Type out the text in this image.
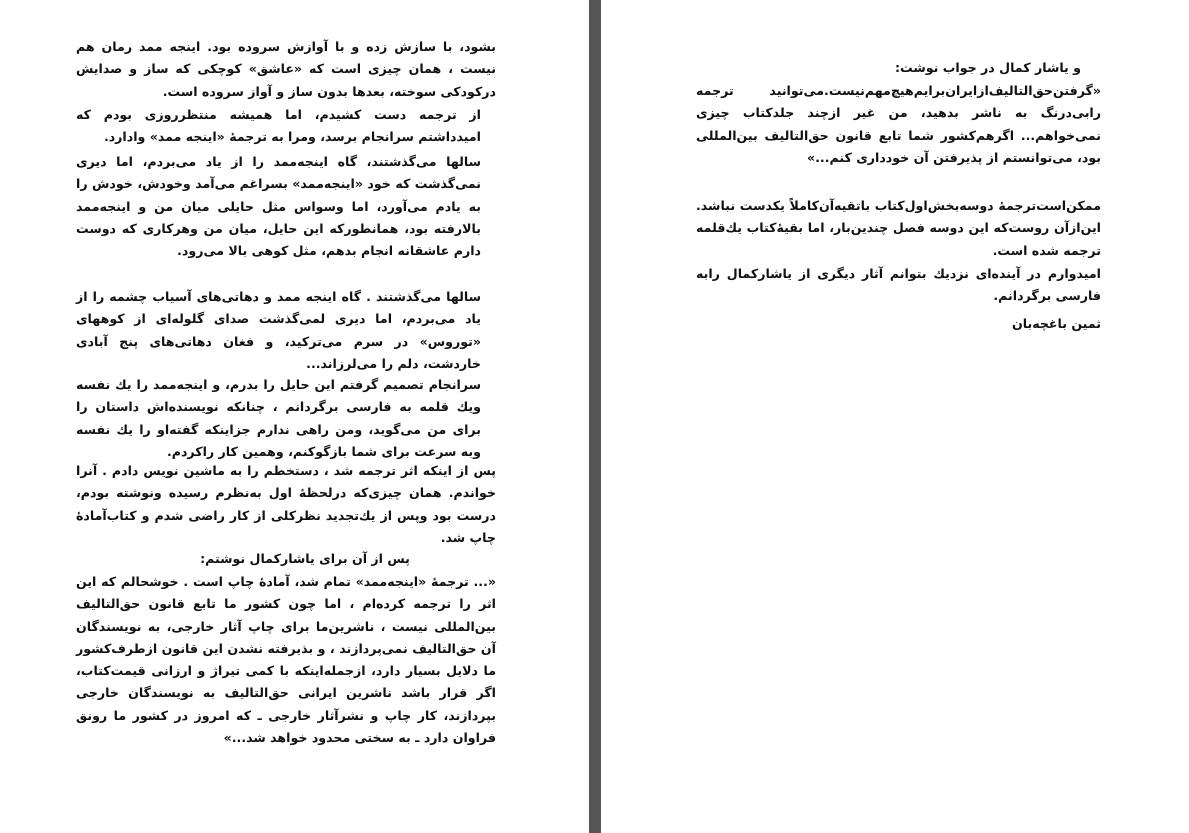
بشود، با سازش زده و با آوازش سروده بود. اینجه ممد رمان هم نیست ، همان چیزی است که «عاشق» کوچکی که ساز و صدایش درکودکی سوخته، بعدها بدون ساز و آواز سروده است.
از ترجمه دست کشیدم، اما همیشه منتظرروزی بودم که امیدداشتم سرانجام برسد، ومرا به ترجمهٔ «اینجه ممد» وادارد.
سالها می‌گذشتند، گاه اینجه‌ممد را از یاد می‌بردم، اما دیری نمی‌گذشت که خود «اینجه‌ممد» بسراغم می‌آمد وخودش، خودش را به یادم می‌آورد، اما وسواس مثل حایلی میان من و اینجه‌ممد بالارفته بود، همانطورکه این حایل، میان من وهرکاری که دوست دارم عاشقانه انجام بدهم، مثل کوهی بالا می‌رود.
سالها می‌گذشتند . گاه اینجه ممد و دهاتی‌های آسیاب چشمه را از یاد می‌بردم، اما دیری لمی‌گذشت صدای گلوله‌ای از کوههای «توروس» در سرم می‌ترکید، و فغان دهاتی‌های پنج آبادی خاردشت، دلم را می‌لرزاند...
سرانجام تصمیم گرفتم این حایل را بدرم، و اینجه‌ممد را یك نفسه ویك قلمه به فارسی برگردانم ، چنانکه نویسنده‌اش داستان را برای من می‌گوید، ومن راهی ندارم جزاینکه گفته‌او را یك نفسه وبه سرعت برای شما بازگوکنم، وهمین کار راکردم.
پس از اینکه اثر ترجمه شد ، دستخطم را به ماشین نویس دادم . آنرا خواندم. همان چیزی‌که درلحظهٔ اول به‌نظرم رسیده ونوشته بودم، درست بود وپس از یك‌تجدید نظرکلی از کار راضی شدم و کتاب‌آمادهٔ چاپ شد.
پس از آن برای یاشارکمال نوشتم:
«... ترجمهٔ «اینجه‌ممد» تمام شد، آمادهٔ چاپ است . خوشحالم که این اثر را ترجمه کرده‌ام ، اما چون کشور ما تابع قانون حق‌التالیف بین‌المللی نیست ، ناشرین‌ما برای چاپ آثار خارجی، به نویسندگان آن حق‌التالیف نمی‌پردازند ، و بذیرفته نشدن این قانون ازطرف‌کشور ما دلایل بسیار دارد، ازجمله‌اینکه با کمی تیراژ و ارزانی قیمت‌کتاب، اگر قرار باشد ناشرین ایرانی حق‌التالیف به نویسندگان خارجی بپردازند، کار چاپ و نشرآثار خارجی ـ که امروز در کشور ما رونق فراوان دارد ـ به سختی محدود خواهد شد...»
و یاشار کمال در جواب نوشت:
«گرفتن‌حق‌التالیف‌ازایران‌برایم‌هیچ‌مهم‌نیست.می‌توانید ترجمه رابی‌درنگ به ناشر بدهید، من غیر ازچند جلدکتاب چیزی نمی‌خواهم... اگرهم‌کشور شما تابع قانون حق‌التالیف بین‌المللی بود، می‌توانستم از پذیرفتن آن خودداری کنم...»
ممکن‌است‌ترجمهٔ دوسه‌بخش‌اول‌کتاب باتقیه‌آن‌کاملاً یکدست نباشد. این‌از‌آن روست‌که این دوسه فصل چندین‌بار، اما بقیهٔ‌کتاب یك‌قلمه ترجمه شده است.
امیدوارم در آینده‌ای نزدیك بتوانم آثار دیگری از یاشارکمال رابه فارسی برگردانم.
ثمین باغچه‌بان
